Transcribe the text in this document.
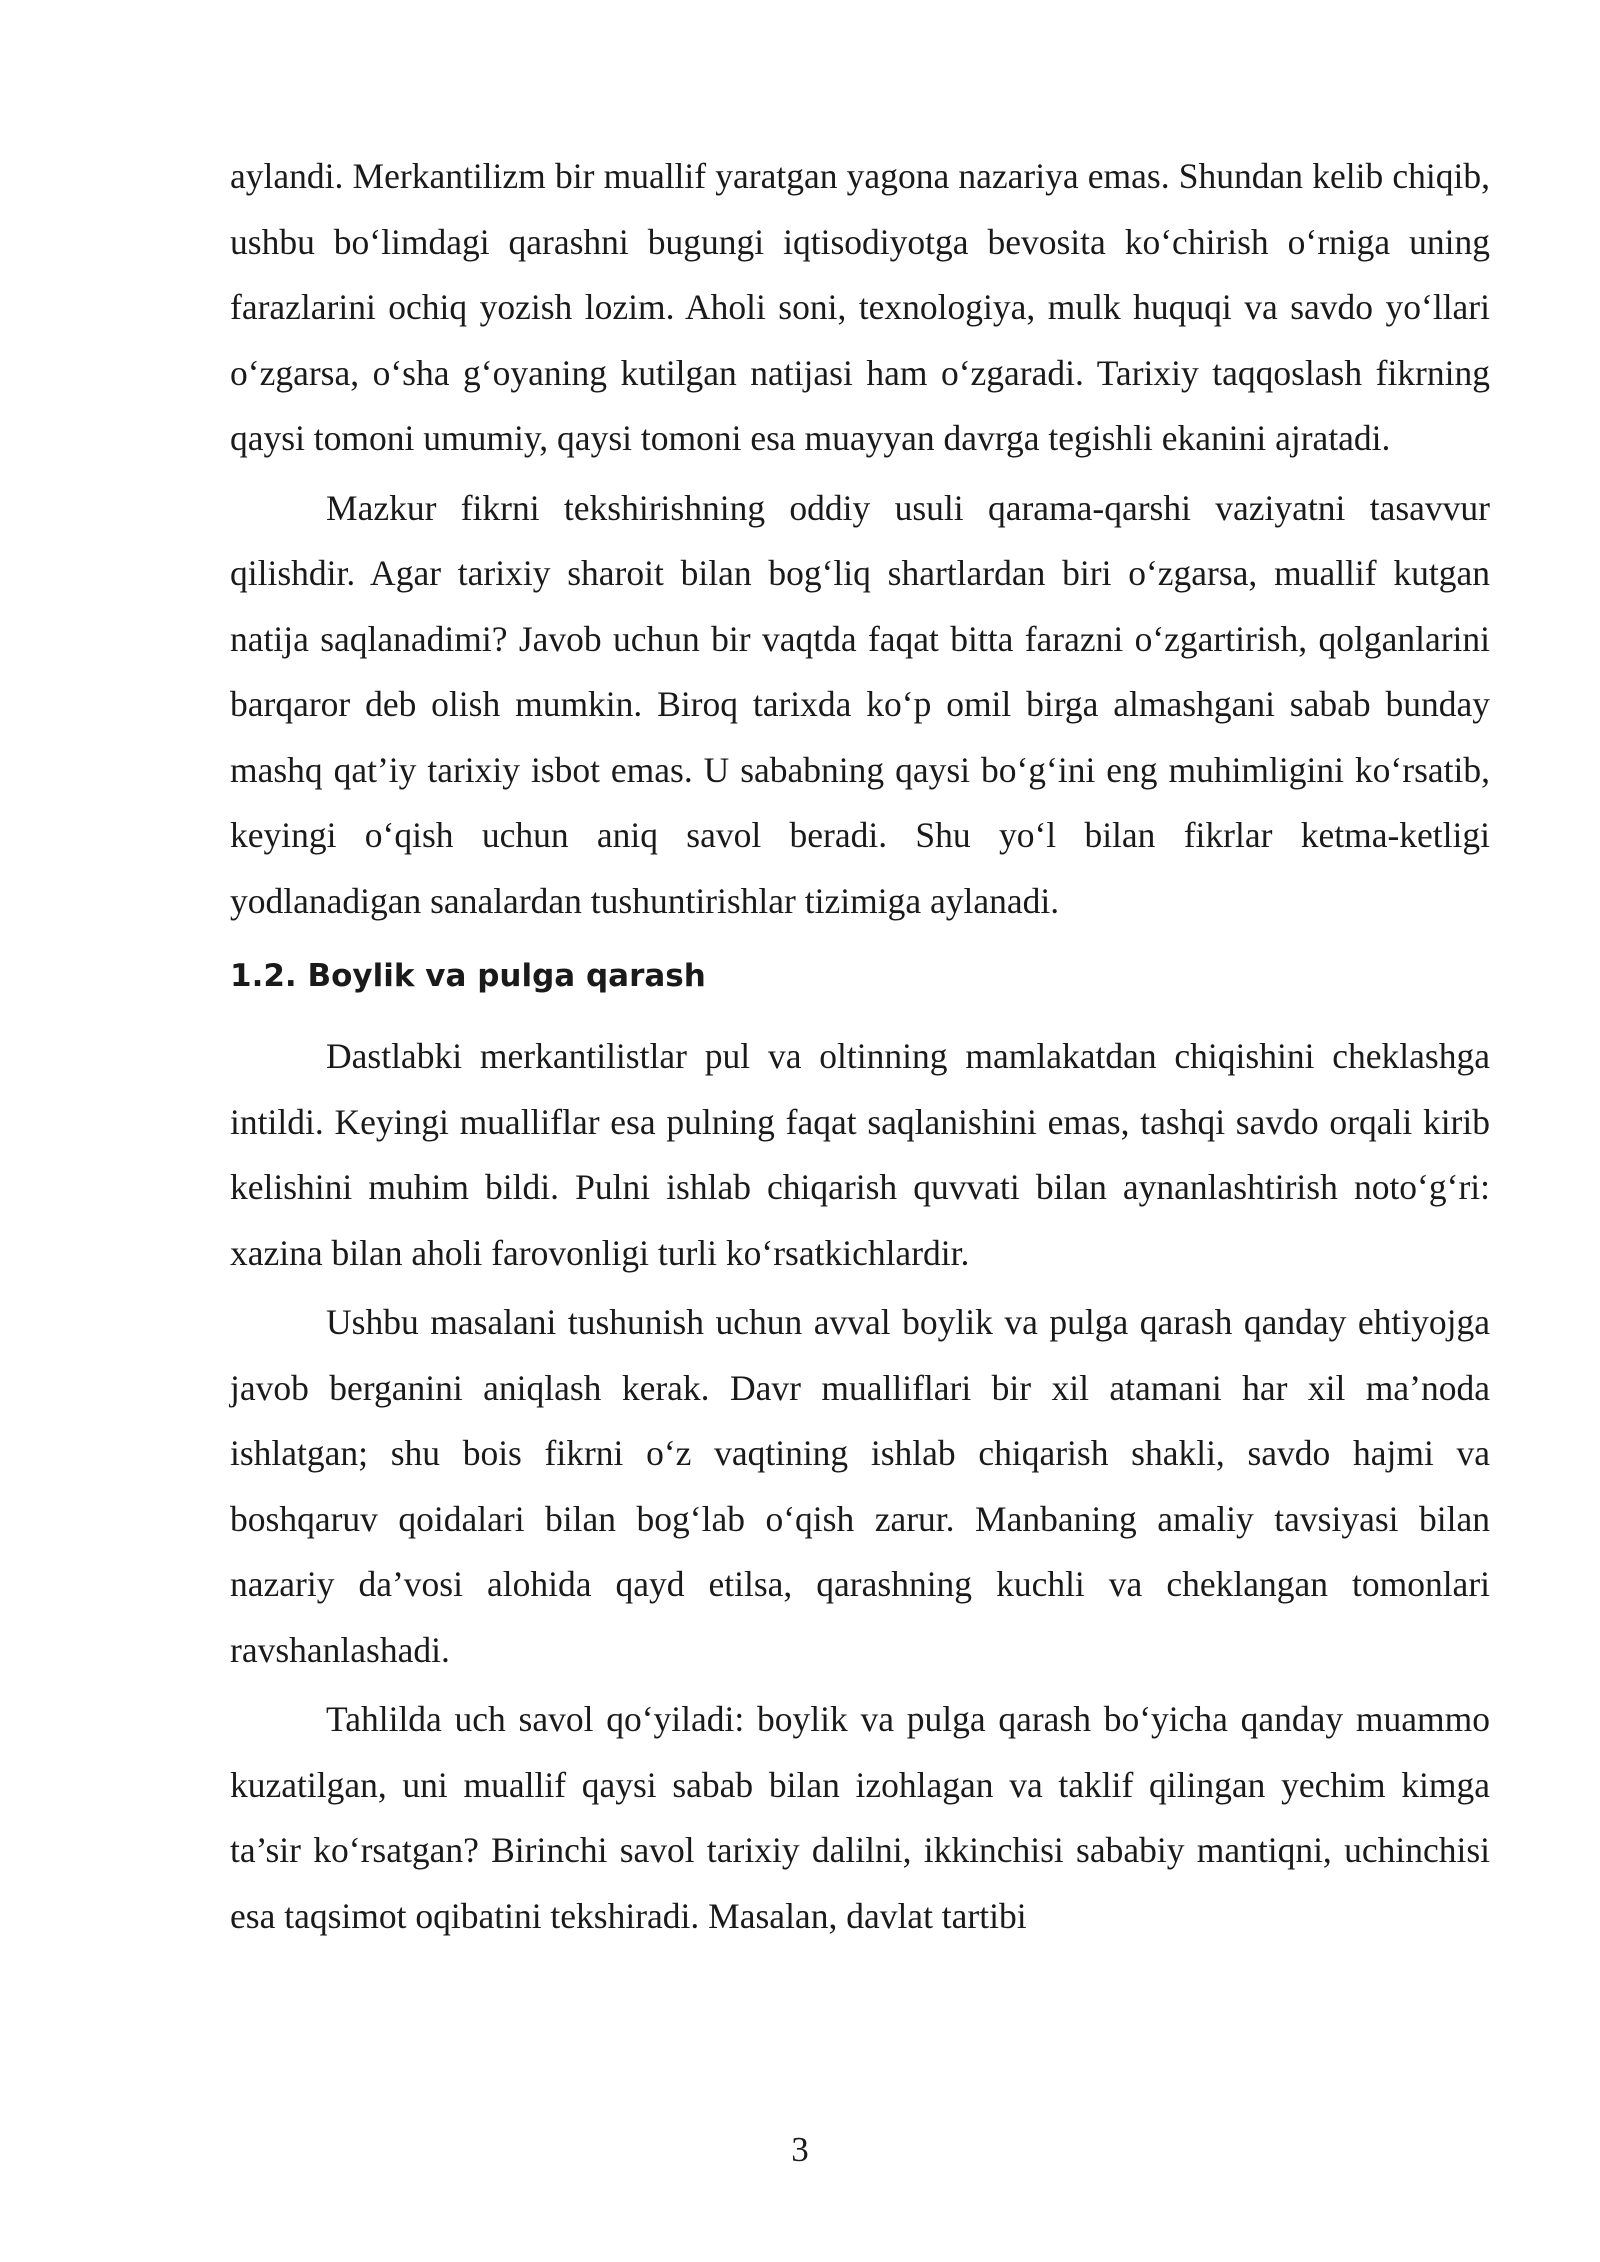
aylandi. Merkantilizm bir muallif yaratgan yagona nazariya emas. Shundan kelib chiqib, ushbu bo‘limdagi qarashni bugungi iqtisodiyotga bevosita ko‘chirish o‘rniga uning farazlarini ochiq yozish lozim. Aholi soni, texnologiya, mulk huquqi va savdo yo‘llari o‘zgarsa, o‘sha g‘oyaning kutilgan natijasi ham o‘zgaradi. Tarixiy taqqoslash fikrning qaysi tomoni umumiy, qaysi tomoni esa muayyan davrga tegishli ekanini ajratadi.

Mazkur fikrni tekshirishning oddiy usuli qarama-qarshi vaziyatni tasavvur qilishdir. Agar tarixiy sharoit bilan bog‘liq shartlardan biri o‘zgarsa, muallif kutgan natija saqlanadimi? Javob uchun bir vaqtda faqat bitta farazni o‘zgartirish, qolganlarini barqaror deb olish mumkin. Biroq tarixda ko‘p omil birga almashgani sabab bunday mashq qat’iy tarixiy isbot emas. U sababning qaysi bo‘g‘ini eng muhimligini ko‘rsatib, keyingi o‘qish uchun aniq savol beradi. Shu yo‘l bilan fikrlar ketma-ketligi yodlanadigan sanalardan tushuntirishlar tizimiga aylanadi.

1.2. Boylik va pulga qarash

Dastlabki merkantilistlar pul va oltinning mamlakatdan chiqishini cheklashga intildi. Keyingi mualliflar esa pulning faqat saqlanishini emas, tashqi savdo orqali kirib kelishini muhim bildi. Pulni ishlab chiqarish quvvati bilan aynanlashtirish noto‘g‘ri: xazina bilan aholi farovonligi turli ko‘rsatkichlardir.

Ushbu masalani tushunish uchun avval boylik va pulga qarash qanday ehtiyojga javob berganini aniqlash kerak. Davr mualliflari bir xil atamani har xil ma’noda ishlatgan; shu bois fikrni o‘z vaqtining ishlab chiqarish shakli, savdo hajmi va boshqaruv qoidalari bilan bog‘lab o‘qish zarur. Manbaning amaliy tavsiyasi bilan nazariy da’vosi alohida qayd etilsa, qarashning kuchli va cheklangan tomonlari ravshanlashadi.

Tahlilda uch savol qo‘yiladi: boylik va pulga qarash bo‘yicha qanday muammo kuzatilgan, uni muallif qaysi sabab bilan izohlagan va taklif qilingan yechim kimga ta’sir ko‘rsatgan? Birinchi savol tarixiy dalilni, ikkinchisi sababiy mantiqni, uchinchisi esa taqsimot oqibatini tekshiradi. Masalan, davlat tartibi

3
